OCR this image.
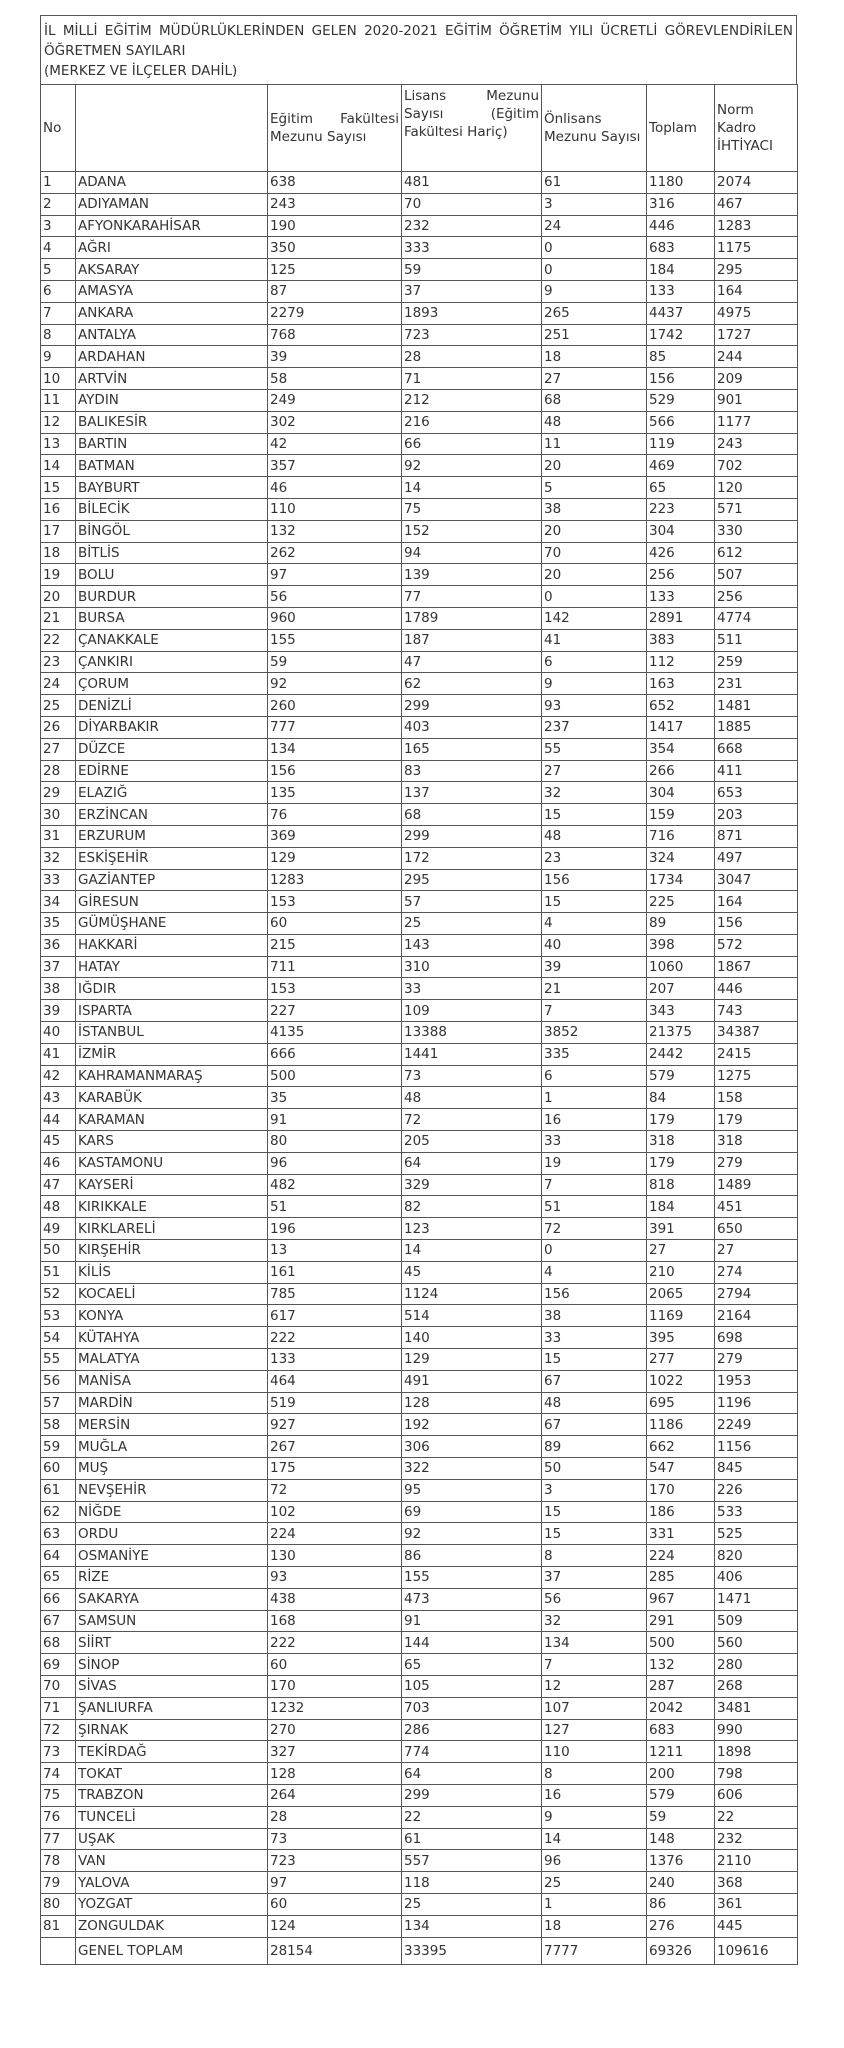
İL MİLLİ EĞİTİM MÜDÜRLÜKLERİNDEN GELEN 2020-2021 EĞİTİM ÖĞRETİM YILI ÜCRETLİ GÖREVLENDİRİLEN
ÖĞRETMEN SAYILARI
(MERKEZ VE İLÇELER DAHİL)
No		Eğitim Fakültesi Mezunu Sayısı	Lisans Mezunu Sayısı (Eğitim Fakültesi Hariç)	Önlisans Mezunu Sayısı	Toplam	Norm Kadro İHTİYACI
1	ADANA	638	481	61	1180	2074
2	ADIYAMAN	243	70	3	316	467
3	AFYONKARAHİSAR	190	232	24	446	1283
4	AĞRI	350	333	0	683	1175
5	AKSARAY	125	59	0	184	295
6	AMASYA	87	37	9	133	164
7	ANKARA	2279	1893	265	4437	4975
8	ANTALYA	768	723	251	1742	1727
9	ARDAHAN	39	28	18	85	244
10	ARTVİN	58	71	27	156	209
11	AYDIN	249	212	68	529	901
12	BALIKESİR	302	216	48	566	1177
13	BARTIN	42	66	11	119	243
14	BATMAN	357	92	20	469	702
15	BAYBURT	46	14	5	65	120
16	BİLECİK	110	75	38	223	571
17	BİNGÖL	132	152	20	304	330
18	BİTLİS	262	94	70	426	612
19	BOLU	97	139	20	256	507
20	BURDUR	56	77	0	133	256
21	BURSA	960	1789	142	2891	4774
22	ÇANAKKALE	155	187	41	383	511
23	ÇANKIRI	59	47	6	112	259
24	ÇORUM	92	62	9	163	231
25	DENİZLİ	260	299	93	652	1481
26	DİYARBAKIR	777	403	237	1417	1885
27	DÜZCE	134	165	55	354	668
28	EDİRNE	156	83	27	266	411
29	ELAZIĞ	135	137	32	304	653
30	ERZİNCAN	76	68	15	159	203
31	ERZURUM	369	299	48	716	871
32	ESKİŞEHİR	129	172	23	324	497
33	GAZİANTEP	1283	295	156	1734	3047
34	GİRESUN	153	57	15	225	164
35	GÜMÜŞHANE	60	25	4	89	156
36	HAKKARİ	215	143	40	398	572
37	HATAY	711	310	39	1060	1867
38	IĞDIR	153	33	21	207	446
39	ISPARTA	227	109	7	343	743
40	İSTANBUL	4135	13388	3852	21375	34387
41	İZMİR	666	1441	335	2442	2415
42	KAHRAMANMARAŞ	500	73	6	579	1275
43	KARABÜK	35	48	1	84	158
44	KARAMAN	91	72	16	179	179
45	KARS	80	205	33	318	318
46	KASTAMONU	96	64	19	179	279
47	KAYSERİ	482	329	7	818	1489
48	KIRIKKALE	51	82	51	184	451
49	KIRKLARELİ	196	123	72	391	650
50	KIRŞEHİR	13	14	0	27	27
51	KİLİS	161	45	4	210	274
52	KOCAELİ	785	1124	156	2065	2794
53	KONYA	617	514	38	1169	2164
54	KÜTAHYA	222	140	33	395	698
55	MALATYA	133	129	15	277	279
56	MANİSA	464	491	67	1022	1953
57	MARDİN	519	128	48	695	1196
58	MERSİN	927	192	67	1186	2249
59	MUĞLA	267	306	89	662	1156
60	MUŞ	175	322	50	547	845
61	NEVŞEHİR	72	95	3	170	226
62	NİĞDE	102	69	15	186	533
63	ORDU	224	92	15	331	525
64	OSMANİYE	130	86	8	224	820
65	RİZE	93	155	37	285	406
66	SAKARYA	438	473	56	967	1471
67	SAMSUN	168	91	32	291	509
68	SİİRT	222	144	134	500	560
69	SİNOP	60	65	7	132	280
70	SİVAS	170	105	12	287	268
71	ŞANLIURFA	1232	703	107	2042	3481
72	ŞIRNAK	270	286	127	683	990
73	TEKİRDAĞ	327	774	110	1211	1898
74	TOKAT	128	64	8	200	798
75	TRABZON	264	299	16	579	606
76	TUNCELİ	28	22	9	59	22
77	UŞAK	73	61	14	148	232
78	VAN	723	557	96	1376	2110
79	YALOVA	97	118	25	240	368
80	YOZGAT	60	25	1	86	361
81	ZONGULDAK	124	134	18	276	445
	GENEL TOPLAM	28154	33395	7777	69326	109616
